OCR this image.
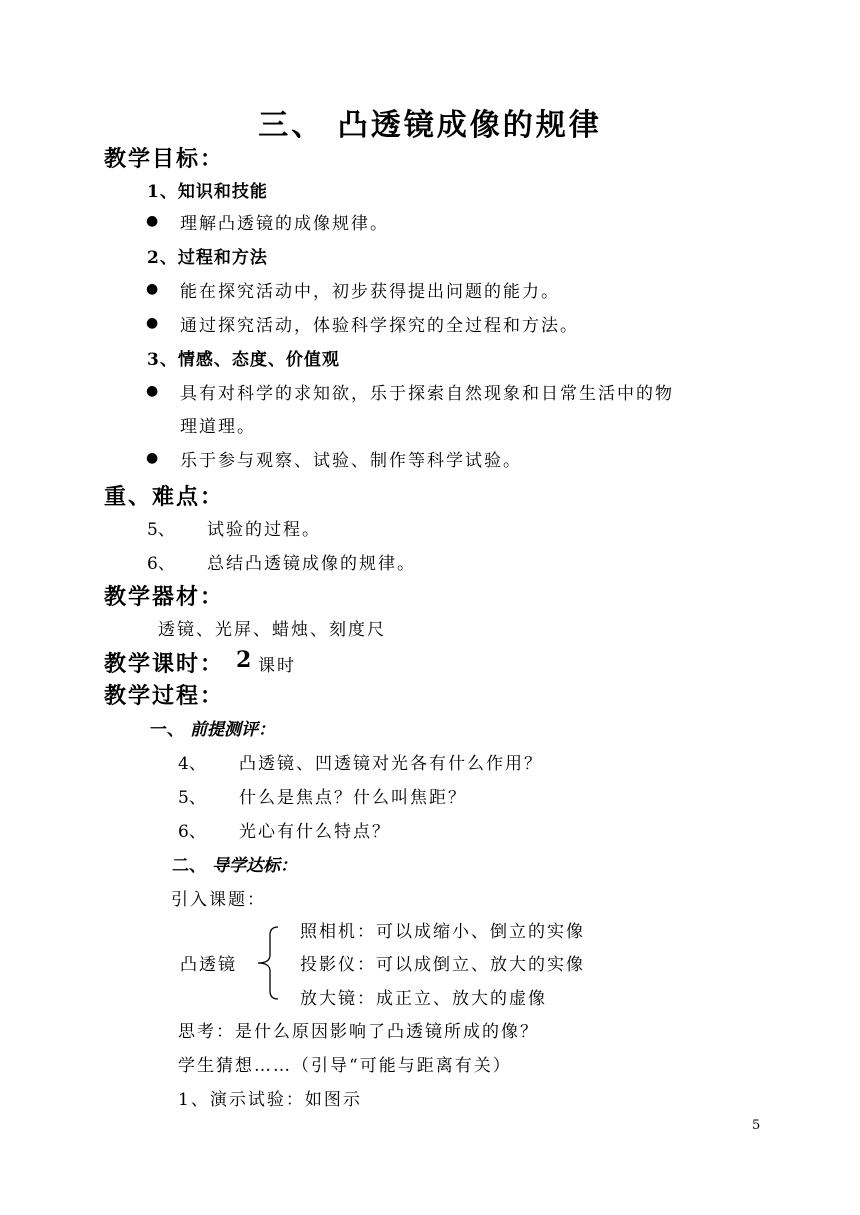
三、 凸透镜成像的规律
教学目标：
1、知识和技能
● 理解凸透镜的成像规律。
2、过程和方法
● 能在探究活动中，初步获得提出问题的能力。
● 通过探究活动，体验科学探究的全过程和方法。
3、情感、态度、价值观
● 具有对科学的求知欲，乐于探索自然现象和日常生活中的物
理道理。
● 乐于参与观察、试验、制作等科学试验。
重、难点：
5、 试验的过程。
6、 总结凸透镜成像的规律。
教学器材：
透镜、光屏、蜡烛、刻度尺
教学课时： 2 课时
教学过程：
一、 前提测评：
4、 凸透镜、凹透镜对光各有什么作用？
5、 什么是焦点？什么叫焦距？
6、 光心有什么特点？
二、 导学达标：
引入课题：
凸透镜
照相机：可以成缩小、倒立的实像
投影仪：可以成倒立、放大的实像
放大镜：成正立、放大的虚像
思考：是什么原因影响了凸透镜所成的像？
学生猜想……（引导“可能与距离有关）
1、演示试验：如图示
5
